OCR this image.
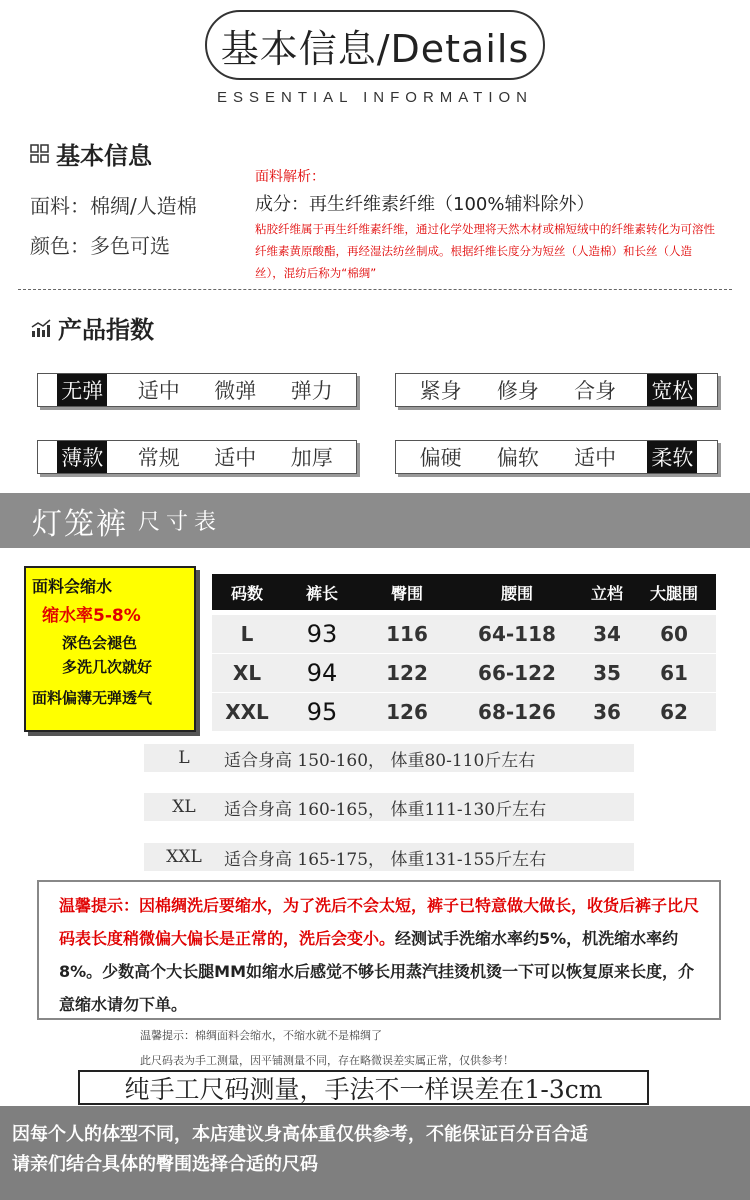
基本信息/Details
ESSENTIAL INFORMATION
基本信息
面料：棉绸/人造棉
颜色：多色可选
面料解析：
成分：再生纤维素纤维（100%辅料除外）
粘胶纤维属于再生纤维素纤维，通过化学处理将天然木材或棉短绒中的纤维素转化为可溶性纤维素黄原酸酯，再经湿法纺丝制成。根据纤维长度分为短丝（人造棉）和长丝（人造丝），混纺后称为“棉绸”
产品指数
无弹 适中 微弹 弹力	紧身 修身 合身 宽松
薄款 常规 适中 加厚	偏硬 偏软 适中 柔软
灯笼裤 尺寸表
面料会缩水
缩水率5-8%
深色会褪色
多洗几次就好
面料偏薄无弹透气
码数	裤长	臀围	腰围	立档	大腿围
L	93	116	64-118	34	60
XL	94	122	66-122	35	61
XXL	95	126	68-126	36	62
L	适合身高 150-160， 体重80-110斤左右
XL	适合身高 160-165， 体重111-130斤左右
XXL	适合身高 165-175， 体重131-155斤左右

温馨提示：因棉绸洗后要缩水，为了洗后不会太短，裤子已特意做大做长，收货后裤子比尺码表长度稍微偏大偏长是正常的，洗后会变小。经测试手洗缩水率约5%，机洗缩水率约8%。少数高个大长腿MM如缩水后感觉不够长用蒸汽挂烫机烫一下可以恢复原来长度，介意缩水请勿下单。

温馨提示：棉绸面料会缩水，不缩水就不是棉绸了
此尺码表为手工测量，因平铺测量不同，存在略微误差实属正常，仅供参考！
纯手工尺码测量，手法不一样误差在1-3cm

因每个人的体型不同，本店建议身高体重仅供参考，不能保证百分百合适

请亲们结合具体的臀围选择合适的尺码
